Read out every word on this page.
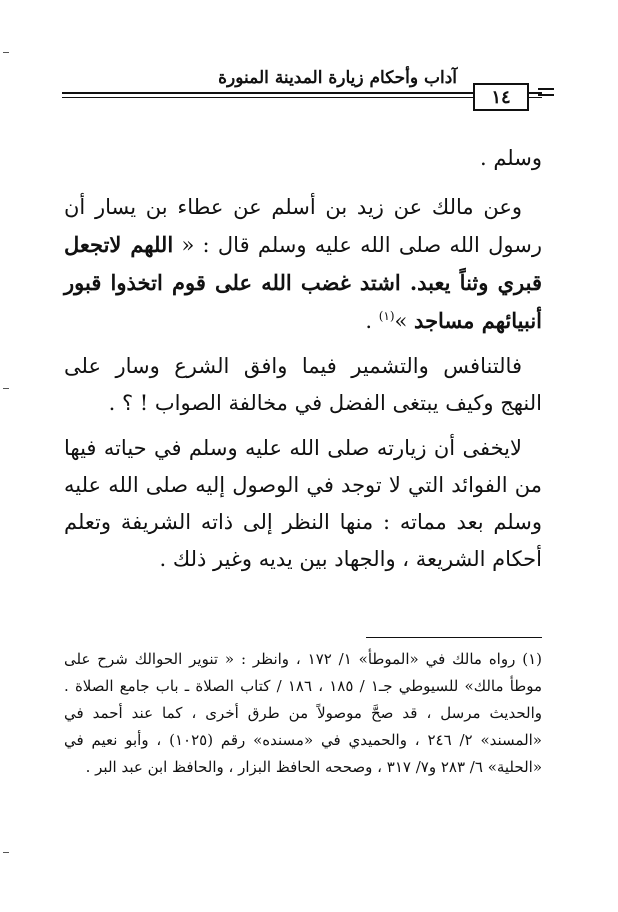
آداب وأحكام زيارة المدينة المنورة
١٤

وسلم .

وعن مالك عن زيد بن أسلم عن عطاء بن يسار أن رسول الله صلى الله عليه وسلم قال : « اللهم لاتجعل قبري وثناً يعبد. اشتد غضب الله على قوم اتخذوا قبور أنبيائهم مساجد »$^{(١)}$ .

فالتنافس والتشمير فيما وافق الشرع وسار على النهج وكيف يبتغى الفضل في مخالفة الصواب ! ؟ .

لايخفى أن زيارته صلى الله عليه وسلم في حياته فيها من الفوائد التي لا توجد في الوصول إليه صلى الله عليه وسلم بعد مماته : منها النظر إلى ذاته الشريفة وتعلم أحكام الشريعة ، والجهاد بين يديه وغير ذلك .

(١) رواه مالك في «الموطأ» ١/ ١٧٢ ، وانظر : « تنوير الحوالك شرح على موطأ مالك» للسيوطي جـ١ / ١٨٥ ، ١٨٦ / كتاب الصلاة ـ باب جامع الصلاة . والحديث مرسل ، قد صحَّ موصولاً من طرق أخرى ، كما عند أحمد في «المسند» ٢/ ٢٤٦ ، والحميدي في «مسنده» رقم (١٠٢٥) ، وأبو نعيم في «الحلية» ٦/ ٢٨٣ و٧/ ٣١٧ ، وصححه الحافظ البزار ، والحافظ ابن عبد البر .
